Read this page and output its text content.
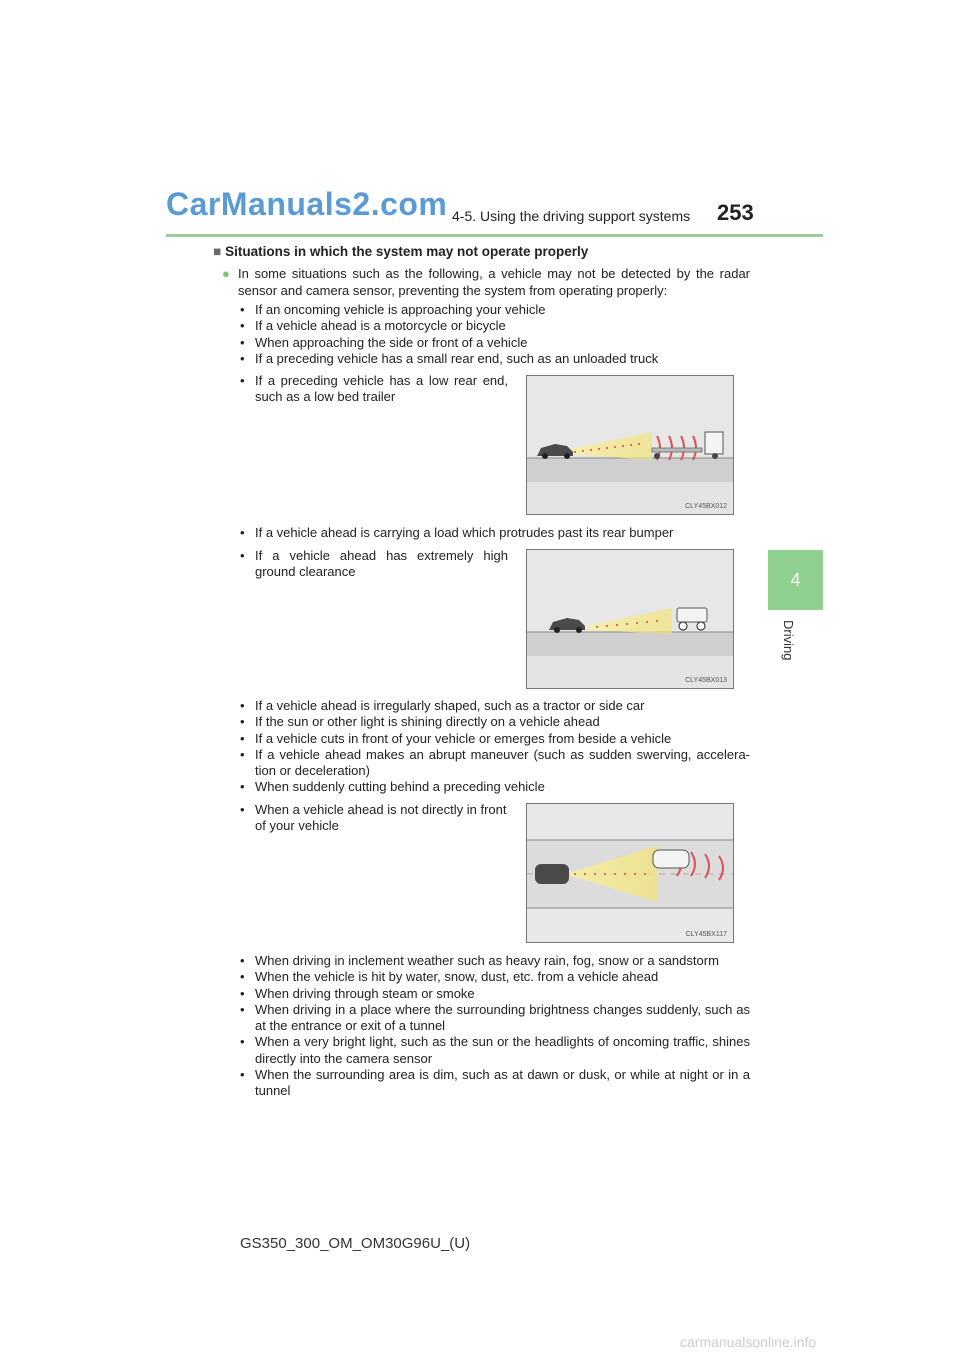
CarManuals2.com 4-5. Using the driving support systems 253
4
Driving
■ Situations in which the system may not operate properly
● In some situations such as the following, a vehicle may not be detected by the radar sensor and camera sensor, preventing the system from operating properly:
• If an oncoming vehicle is approaching your vehicle
• If a vehicle ahead is a motorcycle or bicycle
• When approaching the side or front of a vehicle
• If a preceding vehicle has a small rear end, such as an unloaded truck
• If a preceding vehicle has a low rear end, such as a low bed trailer
CLY45BX012
• If a vehicle ahead is carrying a load which protrudes past its rear bumper
• If a vehicle ahead has extremely high ground clearance
CLY45BX013
• If a vehicle ahead is irregularly shaped, such as a tractor or side car
• If the sun or other light is shining directly on a vehicle ahead
• If a vehicle cuts in front of your vehicle or emerges from beside a vehicle
• If a vehicle ahead makes an abrupt maneuver (such as sudden swerving, accelera-tion or deceleration)
• When suddenly cutting behind a preceding vehicle
• When a vehicle ahead is not directly in front of your vehicle
CLY45BX117
• When driving in inclement weather such as heavy rain, fog, snow or a sandstorm
• When the vehicle is hit by water, snow, dust, etc. from a vehicle ahead
• When driving through steam or smoke
• When driving in a place where the surrounding brightness changes suddenly, such as at the entrance or exit of a tunnel
• When a very bright light, such as the sun or the headlights of oncoming traffic, shines directly into the camera sensor
• When the surrounding area is dim, such as at dawn or dusk, or while at night or in a tunnel
GS350_300_OM_OM30G96U_(U)
carmanualsonline.info
